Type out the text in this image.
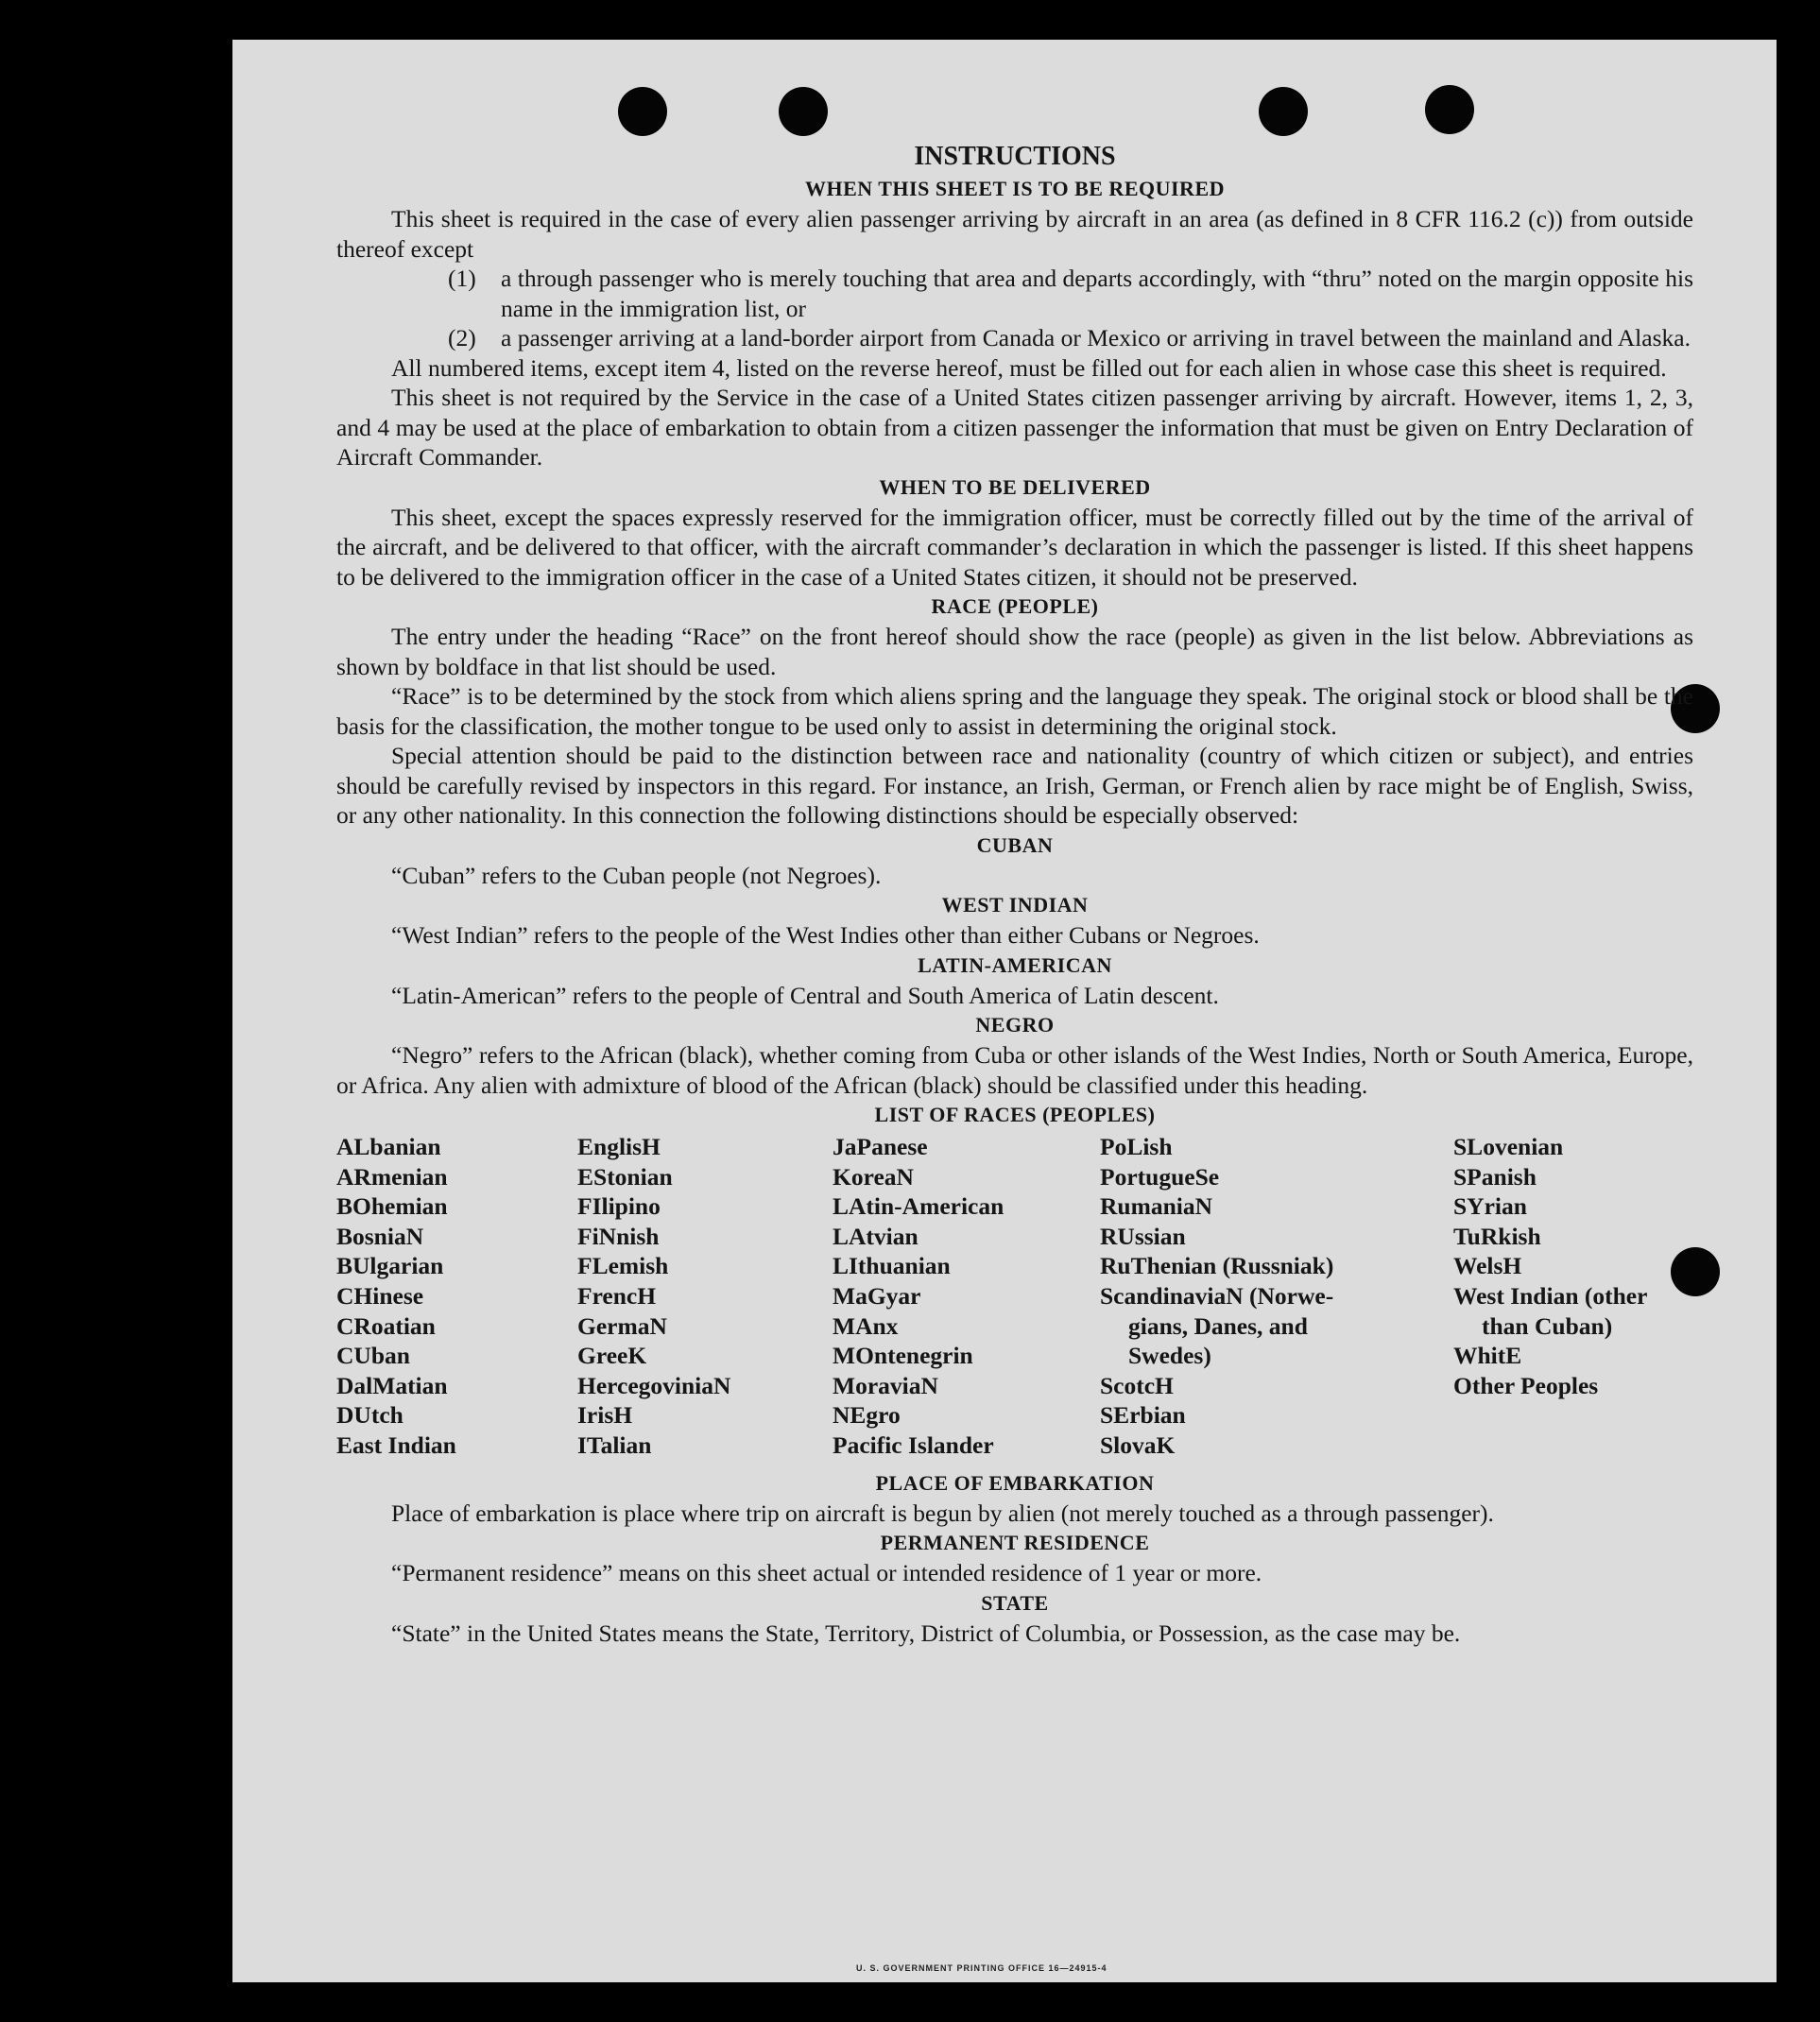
INSTRUCTIONS

WHEN THIS SHEET IS TO BE REQUIRED

This sheet is required in the case of every alien passenger arriving by aircraft in an area (as defined in 8 CFR 116.2 (c)) from outside thereof except

(1)	a through passenger who is merely touching that area and departs accordingly, with “thru” noted on the margin opposite his name in the immigration list, or
(2)	a passenger arriving at a land-border airport from Canada or Mexico or arriving in travel between the mainland and Alaska.

All numbered items, except item 4, listed on the reverse hereof, must be filled out for each alien in whose case this sheet is required.

This sheet is not required by the Service in the case of a United States citizen passenger arriving by aircraft. However, items 1, 2, 3, and 4 may be used at the place of embarkation to obtain from a citizen passenger the information that must be given on Entry Declaration of Aircraft Commander.

WHEN TO BE DELIVERED

This sheet, except the spaces expressly reserved for the immigration officer, must be correctly filled out by the time of the arrival of the aircraft, and be delivered to that officer, with the aircraft commander’s declaration in which the passenger is listed. If this sheet happens to be delivered to the immigration officer in the case of a United States citizen, it should not be preserved.

RACE (PEOPLE)

The entry under the heading “Race” on the front hereof should show the race (people) as given in the list below. Abbreviations as shown by boldface in that list should be used.

“Race” is to be determined by the stock from which aliens spring and the language they speak. The original stock or blood shall be the basis for the classification, the mother tongue to be used only to assist in determining the original stock.

Special attention should be paid to the distinction between race and nationality (country of which citizen or subject), and entries should be carefully revised by inspectors in this regard. For instance, an Irish, German, or French alien by race might be of English, Swiss, or any other nationality. In this connection the following distinctions should be especially observed:

CUBAN

“Cuban” refers to the Cuban people (not Negroes).

WEST INDIAN

“West Indian” refers to the people of the West Indies other than either Cubans or Negroes.

LATIN-AMERICAN

“Latin-American” refers to the people of Central and South America of Latin descent.

NEGRO

“Negro” refers to the African (black), whether coming from Cuba or other islands of the West Indies, North or South America, Europe, or Africa. Any alien with admixture of blood of the African (black) should be classified under this heading.

LIST OF RACES (PEOPLES)

ALbanian
ARmenian
BOhemian
BosniaN
BUlgarian
CHinese
CRoatian
CUban
DalMatian
DUtch
East Indian
EnglisH
EStonian
FIlipino
FiNnish
FLemish
FrencH
GermaN
GreeK
HercegoviniaN
IrisH
ITalian
JaPanese
KoreaN
LAtin-American
LAtvian
LIthuanian
MaGyar
MAnx
MOntenegrin
MoraviaN
NEgro
Pacific Islander
PoLish
PortugueSe
RumaniaN
RUssian
RuThenian (Russniak)
ScandinaviaN (Norwe-
gians, Danes, and
Swedes)
ScotcH
SErbian
SlovaK
SLovenian
SPanish
SYrian
TuRkish
WelsH
West Indian (other
than Cuban)
WhitE
Other Peoples

PLACE OF EMBARKATION

Place of embarkation is place where trip on aircraft is begun by alien (not merely touched as a through passenger).

PERMANENT RESIDENCE

“Permanent residence” means on this sheet actual or intended residence of 1 year or more.

STATE

“State” in the United States means the State, Territory, District of Columbia, or Possession, as the case may be.

U. S. GOVERNMENT PRINTING OFFICE 16—24915-4
